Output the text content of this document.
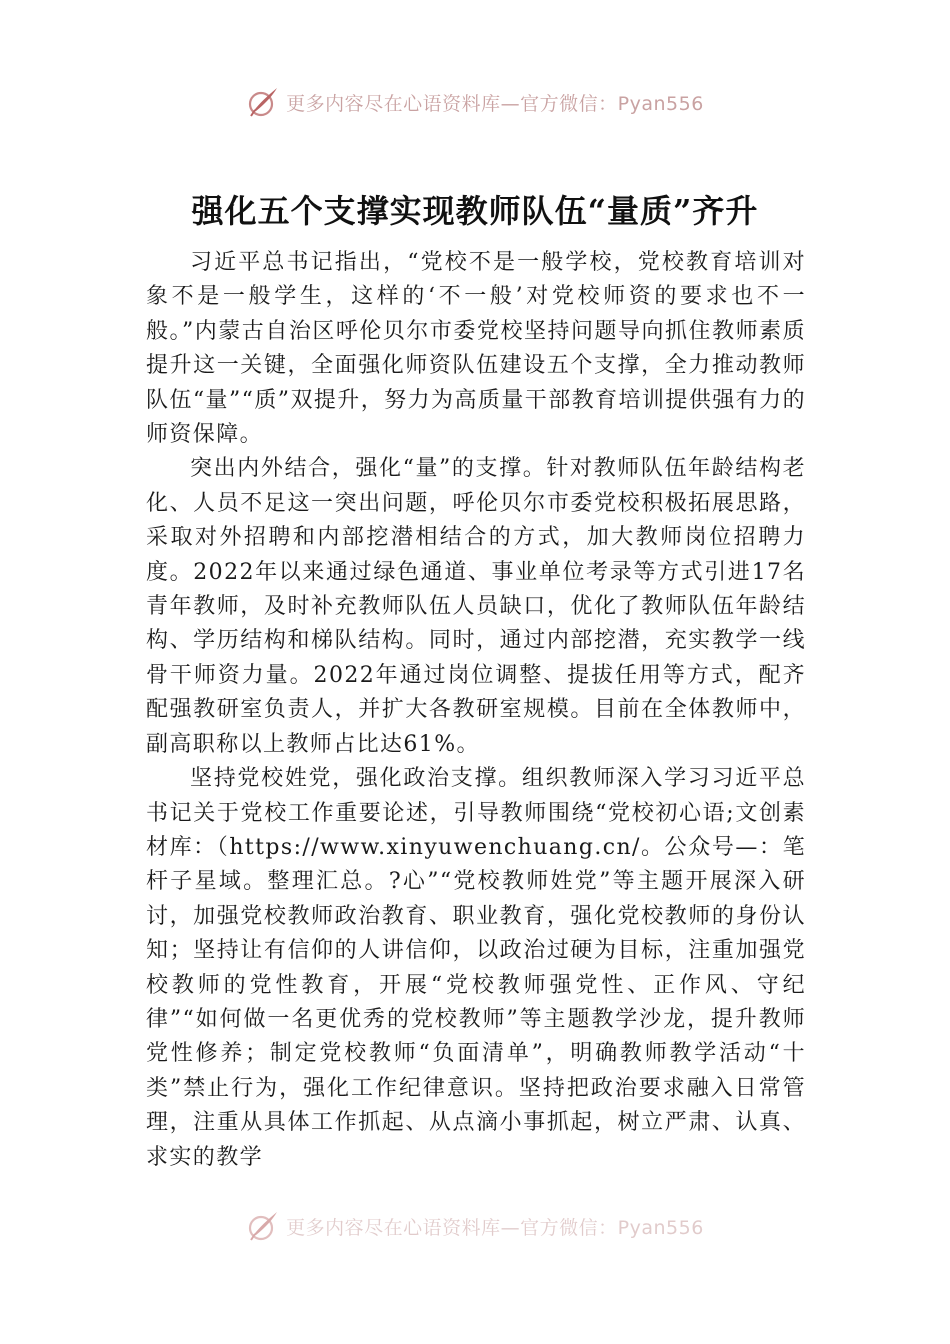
更多内容尽在心语资料库—官方微信：Pyan556
强化五个支撑实现教师队伍“量质”齐升

习近平总书记指出，“党校不是一般学校，党校教育培训对象不是一般学生，这样的‘不一般’对党校师资的要求也不一般。”内蒙古自治区呼伦贝尔市委党校坚持问题导向抓住教师素质提升这一关键，全面强化师资队伍建设五个支撑，全力推动教师队伍“量”“质”双提升，努力为高质量干部教育培训提供强有力的师资保障。

突出内外结合，强化“量”的支撑。针对教师队伍年龄结构老化、人员不足这一突出问题，呼伦贝尔市委党校积极拓展思路，采取对外招聘和内部挖潜相结合的方式，加大教师岗位招聘力度。2022年以来通过绿色通道、事业单位考录等方式引进17名青年教师，及时补充教师队伍人员缺口，优化了教师队伍年龄结构、学历结构和梯队结构。同时，通过内部挖潜，充实教学一线骨干师资力量。2022年通过岗位调整、提拔任用等方式，配齐配强教研室负责人，并扩大各教研室规模。目前在全体教师中，副高职称以上教师占比达61%。

坚持党校姓党，强化政治支撑。组织教师深入学习习近平总书记关于党校工作重要论述，引导教师围绕“党校初心语;文创素材库：（https://www.xinyuwenchuang.cn/。公众号—：笔杆子星域。整理汇总。?心”“党校教师姓党”等主题开展深入研讨，加强党校教师政治教育、职业教育，强化党校教师的身份认知；坚持让有信仰的人讲信仰，以政治过硬为目标，注重加强党校教师的党性教育，开展“党校教师强党性、正作风、守纪律”“如何做一名更优秀的党校教师”等主题教学沙龙，提升教师党性修养；制定党校教师“负面清单”，明确教师教学活动“十类”禁止行为，强化工作纪律意识。坚持把政治要求融入日常管理，注重从具体工作抓起、从点滴小事抓起，树立严肃、认真、求实的教学

更多内容尽在心语资料库—官方微信：Pyan556
